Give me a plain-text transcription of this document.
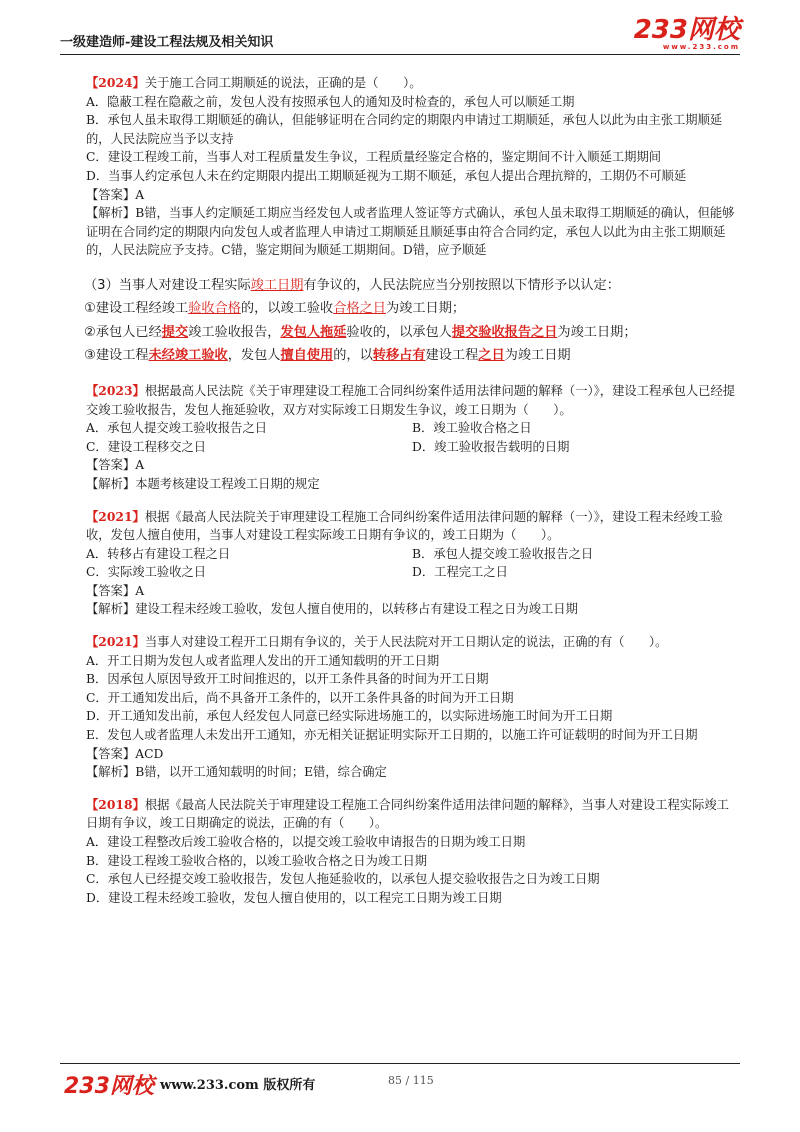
一级建造师-建设工程法规及相关知识	233网校
www.233.com

【2024】关于施工合同工期顺延的说法，正确的是（　　）。

A．隐蔽工程在隐蔽之前，发包人没有按照承包人的通知及时检查的，承包人可以顺延工期

B．承包人虽未取得工期顺延的确认，但能够证明在合同约定的期限内申请过工期顺延，承包人以此为由主张工期顺延的，人民法院应当予以支持

C．建设工程竣工前，当事人对工程质量发生争议，工程质量经鉴定合格的，鉴定期间不计入顺延工期期间

D．当事人约定承包人未在约定期限内提出工期顺延视为工期不顺延，承包人提出合理抗辩的，工期仍不可顺延

【答案】A

【解析】B错，当事人约定顺延工期应当经发包人或者监理人签证等方式确认，承包人虽未取得工期顺延的确认，但能够证明在合同约定的期限内向发包人或者监理人申请过工期顺延且顺延事由符合合同约定，承包人以此为由主张工期顺延的，人民法院应予支持。C错，鉴定期间为顺延工期期间。D错，应予顺延

（3）当事人对建设工程实际竣工日期有争议的，人民法院应当分别按照以下情形予以认定：

①建设工程经竣工验收合格的，以竣工验收合格之日为竣工日期；

②承包人已经提交竣工验收报告，发包人拖延验收的，以承包人提交验收报告之日为竣工日期；

③建设工程未经竣工验收，发包人擅自使用的，以转移占有建设工程之日为竣工日期

【2023】根据最高人民法院《关于审理建设工程施工合同纠纷案件适用法律问题的解释（一）》，建设工程承包人已经提交竣工验收报告，发包人拖延验收，双方对实际竣工日期发生争议，竣工日期为（　　）。

A．承包人提交竣工验收报告之日	B．竣工验收合格之日
C．建设工程移交之日	D．竣工验收报告载明的日期

【答案】A

【解析】本题考核建设工程竣工日期的规定

【2021】根据《最高人民法院关于审理建设工程施工合同纠纷案件适用法律问题的解释（一）》，建设工程未经竣工验收，发包人擅自使用，当事人对建设工程实际竣工日期有争议的，竣工日期为（　　）。

A．转移占有建设工程之日	B．承包人提交竣工验收报告之日
C．实际竣工验收之日	D．工程完工之日

【答案】A

【解析】建设工程未经竣工验收，发包人擅自使用的，以转移占有建设工程之日为竣工日期

【2021】当事人对建设工程开工日期有争议的，关于人民法院对开工日期认定的说法，正确的有（　　）。

A．开工日期为发包人或者监理人发出的开工通知载明的开工日期

B．因承包人原因导致开工时间推迟的，以开工条件具备的时间为开工日期

C．开工通知发出后，尚不具备开工条件的，以开工条件具备的时间为开工日期

D．开工通知发出前，承包人经发包人同意已经实际进场施工的，以实际进场施工时间为开工日期

E．发包人或者监理人未发出开工通知，亦无相关证据证明实际开工日期的，以施工许可证载明的时间为开工日期

【答案】ACD

【解析】B错，以开工通知载明的时间；E错，综合确定

【2018】根据《最高人民法院关于审理建设工程施工合同纠纷案件适用法律问题的解释》，当事人对建设工程实际竣工日期有争议，竣工日期确定的说法，正确的有（　　）。

A．建设工程整改后竣工验收合格的，以提交竣工验收申请报告的日期为竣工日期

B．建设工程竣工验收合格的，以竣工验收合格之日为竣工日期

C．承包人已经提交竣工验收报告，发包人拖延验收的，以承包人提交验收报告之日为竣工日期

D．建设工程未经竣工验收，发包人擅自使用的，以工程完工日期为竣工日期

233网校 www.233.com 版权所有	85 / 115
